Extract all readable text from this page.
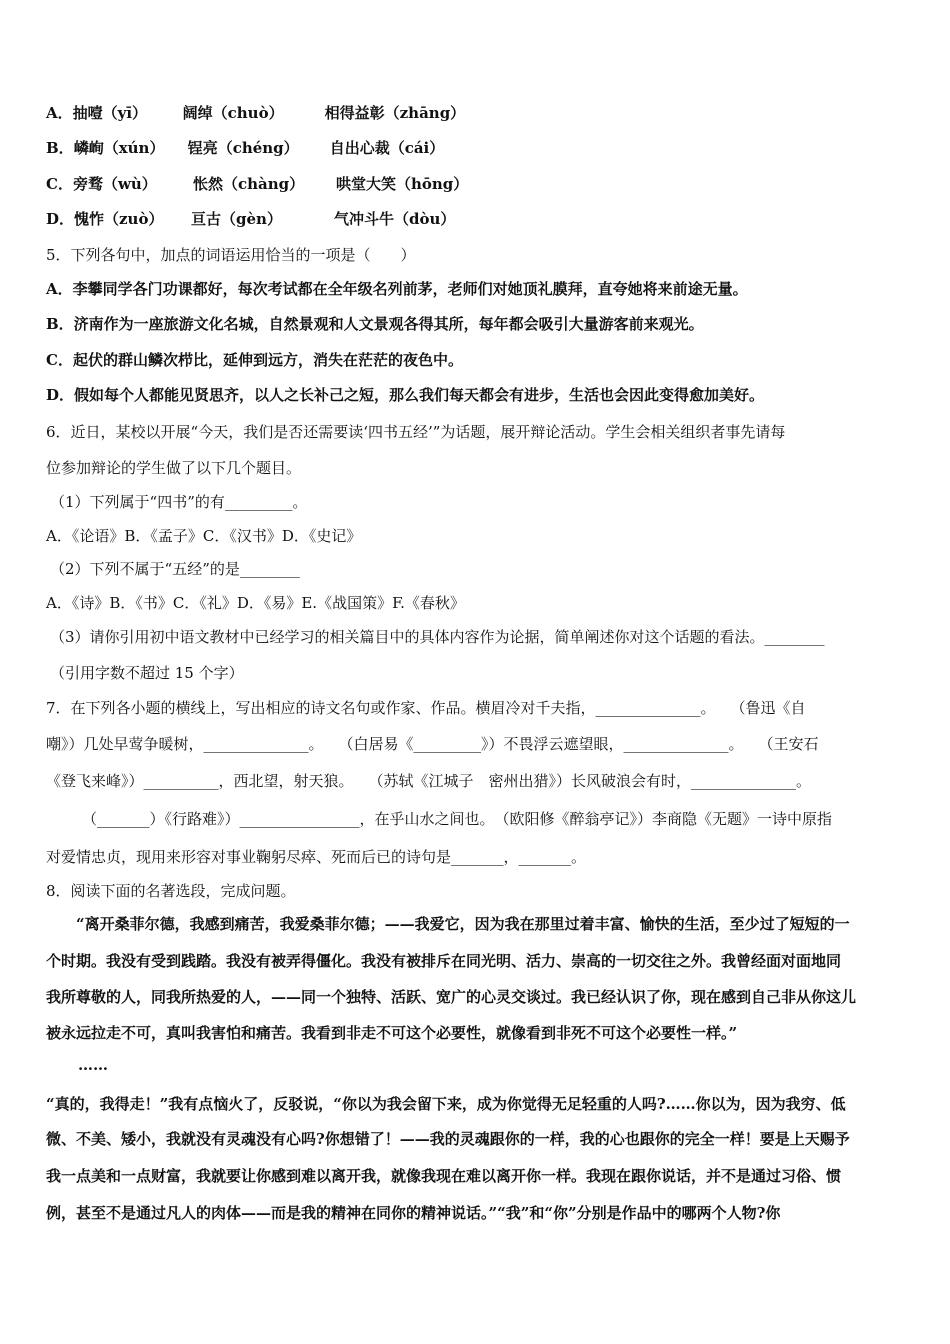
A．抽噎（yī） 阔绰（chuò）	相得益彰（zhāng）
B．嶙峋（xún） 锃亮（chéng） 自出心裁（cái）
C．旁骛（wù） 怅然（chàng） 哄堂大笑（hōng）
D．愧怍（zuò） 亘古（gèn）	气冲斗牛（dòu）
5．下列各句中，加点的词语运用恰当的一项是（　　）
A．李攀同学各门功课都好，每次考试都在全年级名列前茅，老师们对她顶礼膜拜，直夸她将来前途无量。
B．济南作为一座旅游文化名城，自然景观和人文景观各得其所，每年都会吸引大量游客前来观光。
C．起伏的群山鳞次栉比，延伸到远方，消失在茫茫的夜色中。
D．假如每个人都能见贤思齐，以人之长补己之短，那么我们每天都会有进步，生活也会因此变得愈加美好。
6．近日，某校以开展“今天，我们是否还需要读‘四书五经’”为话题，展开辩论活动。学生会相关组织者事先请每
位参加辩论的学生做了以下几个题目。
（1）下列属于“四书”的有_________。
A．《论语》B．《孟子》C．《汉书》D．《史记》
（2）下列不属于“五经”的是________
A．《诗》B．《书》C．《礼》D．《易》E.《战国策》F.《春秋》
（3）请你引用初中语文教材中已经学习的相关篇目中的具体内容作为论据，简单阐述你对这个话题的看法。________
（引用字数不超过 15 个字）
7．在下列各小题的横线上，写出相应的诗文名句或作家、作品。横眉冷对千夫指，______________。　　（鲁迅《自
嘲》）几处早莺争暖树，______________。　　（白居易《_________》）不畏浮云遮望眼，______________。　　（王安石
《登飞来峰》）__________，西北望，射天狼。　　（苏轼《江城子　密州出猎》）长风破浪会有时，______________。
（_______）《行路难》）________________，在乎山水之间也。　（欧阳修《醉翁亭记》）李商隐《无题》一诗中原指
对爱情忠贞，现用来形容对事业鞠躬尽瘁、死而后已的诗句是_______，_______。
8．阅读下面的名著选段，完成问题。
“离开桑菲尔德，我感到痛苦，我爱桑菲尔德；——我爱它，因为我在那里过着丰富、愉快的生活，至少过了短短的一
个时期。我没有受到践踏。我没有被弄得僵化。我没有被排斥在同光明、活力、崇高的一切交往之外。我曾经面对面地同
我所尊敬的人，同我所热爱的人，——同一个独特、活跃、宽广的心灵交谈过。我已经认识了你，现在感到自己非从你这儿
被永远拉走不可，真叫我害怕和痛苦。我看到非走不可这个必要性，就像看到非死不可这个必要性一样。”
……
“真的，我得走！”我有点恼火了，反驳说，“你以为我会留下来，成为你觉得无足轻重的人吗?……你以为，因为我穷、低
微、不美、矮小，我就没有灵魂没有心吗?你想错了！——我的灵魂跟你的一样，我的心也跟你的完全一样！要是上天赐予
我一点美和一点财富，我就要让你感到难以离开我，就像我现在难以离开你一样。我现在跟你说话，并不是通过习俗、惯
例，甚至不是通过凡人的肉体——而是我的精神在同你的精神说话。”“我”和“你”分别是作品中的哪两个人物?你
